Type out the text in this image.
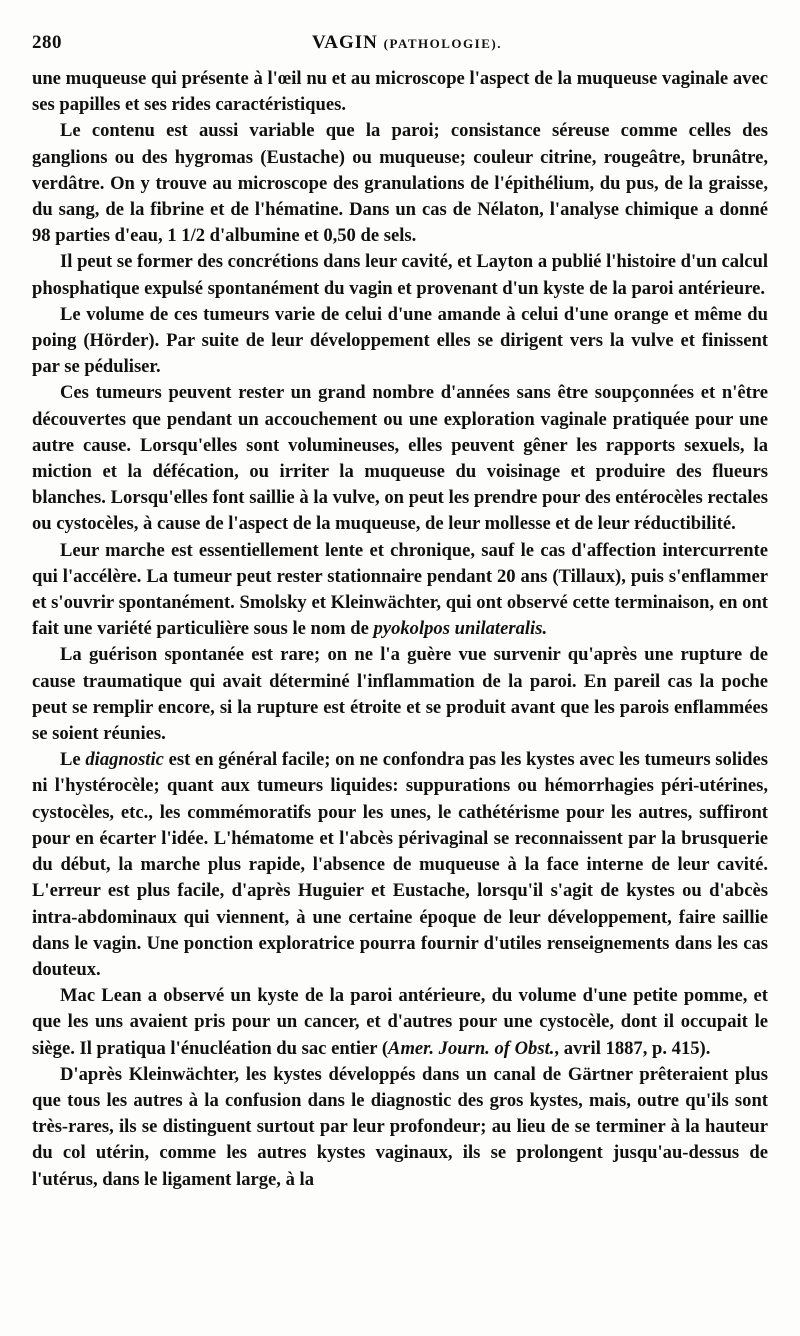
280	VAGIN (PATHOLOGIE).

une muqueuse qui présente à l'œil nu et au microscope l'aspect de la muqueuse vaginale avec ses papilles et ses rides caractéristiques.

Le contenu est aussi variable que la paroi; consistance séreuse comme celles des ganglions ou des hygromas (Eustache) ou muqueuse; couleur citrine, rougeâtre, brunâtre, verdâtre. On y trouve au microscope des granulations de l'épithélium, du pus, de la graisse, du sang, de la fibrine et de l'hématine. Dans un cas de Nélaton, l'analyse chimique a donné 98 parties d'eau, 1 1/2 d'albumine et 0,50 de sels.

Il peut se former des concrétions dans leur cavité, et Layton a publié l'histoire d'un calcul phosphatique expulsé spontanément du vagin et provenant d'un kyste de la paroi antérieure.

Le volume de ces tumeurs varie de celui d'une amande à celui d'une orange et même du poing (Hörder). Par suite de leur développement elles se dirigent vers la vulve et finissent par se péduliser.

Ces tumeurs peuvent rester un grand nombre d'années sans être soupçonnées et n'être découvertes que pendant un accouchement ou une exploration vaginale pratiquée pour une autre cause. Lorsqu'elles sont volumineuses, elles peuvent gêner les rapports sexuels, la miction et la défécation, ou irriter la muqueuse du voisinage et produire des flueurs blanches. Lorsqu'elles font saillie à la vulve, on peut les prendre pour des entérocèles rectales ou cystocèles, à cause de l'aspect de la muqueuse, de leur mollesse et de leur réductibilité.

Leur marche est essentiellement lente et chronique, sauf le cas d'affection intercurrente qui l'accélère. La tumeur peut rester stationnaire pendant 20 ans (Tillaux), puis s'enflammer et s'ouvrir spontanément. Smolsky et Kleinwächter, qui ont observé cette terminaison, en ont fait une variété particulière sous le nom de pyokolpos unilateralis.

La guérison spontanée est rare; on ne l'a guère vue survenir qu'après une rupture de cause traumatique qui avait déterminé l'inflammation de la paroi. En pareil cas la poche peut se remplir encore, si la rupture est étroite et se produit avant que les parois enflammées se soient réunies.

Le diagnostic est en général facile; on ne confondra pas les kystes avec les tumeurs solides ni l'hystérocèle; quant aux tumeurs liquides: suppurations ou hémorrhagies péri-utérines, cystocèles, etc., les commémoratifs pour les unes, le cathétérisme pour les autres, suffiront pour en écarter l'idée. L'hématome et l'abcès périvaginal se reconnaissent par la brusquerie du début, la marche plus rapide, l'absence de muqueuse à la face interne de leur cavité. L'erreur est plus facile, d'après Huguier et Eustache, lorsqu'il s'agit de kystes ou d'abcès intra-abdominaux qui viennent, à une certaine époque de leur développement, faire saillie dans le vagin. Une ponction exploratrice pourra fournir d'utiles renseignements dans les cas douteux.

Mac Lean a observé un kyste de la paroi antérieure, du volume d'une petite pomme, et que les uns avaient pris pour un cancer, et d'autres pour une cystocèle, dont il occupait le siège. Il pratiqua l'énucléation du sac entier (Amer. Journ. of Obst., avril 1887, p. 415).

D'après Kleinwächter, les kystes développés dans un canal de Gärtner prêteraient plus que tous les autres à la confusion dans le diagnostic des gros kystes, mais, outre qu'ils sont très-rares, ils se distinguent surtout par leur profondeur; au lieu de se terminer à la hauteur du col utérin, comme les autres kystes vaginaux, ils se prolongent jusqu'au-dessus de l'utérus, dans le ligament large, à la
